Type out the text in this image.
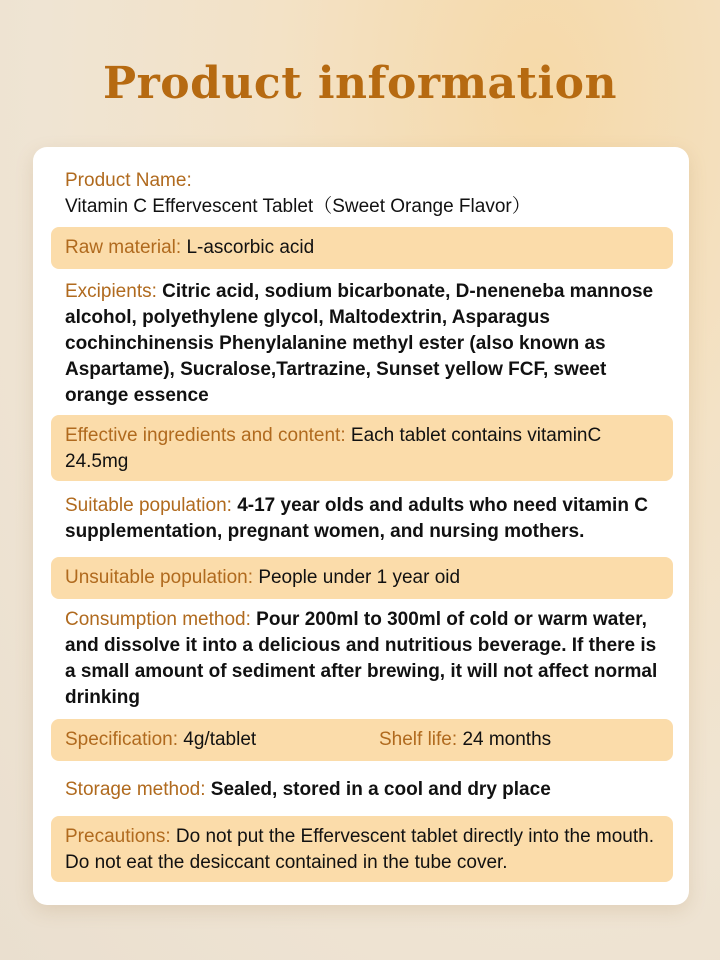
Product information
Product Name: Vitamin C Effervescent Tablet（Sweet Orange Flavor）
Raw material: L-ascorbic acid
Excipients: Citric acid, sodium bicarbonate, D-neneneba mannose alcohol, polyethylene glycol, Maltodextrin, Asparagus cochinchinensis Phenylalanine methyl ester (also known as Aspartame), Sucralose,Tartrazine, Sunset yellow FCF, sweet orange essence
Effective ingredients and content: Each tablet contains vitaminC 24.5mg
Suitable population: 4-17 year olds and adults who need vitamin C supplementation, pregnant women, and nursing mothers.
Unsuitable population: People under 1 year oid
Consumption method: Pour 200ml to 300ml of cold or warm water, and dissolve it into a delicious and nutritious beverage. If there is a small amount of sediment after brewing, it will not affect normal drinking
Specification: 4g/tablet	Shelf life: 24 months
Storage method: Sealed, stored in a cool and dry place
Precautions: Do not put the Effervescent tablet directly into the mouth. Do not eat the desiccant contained in the tube cover.
